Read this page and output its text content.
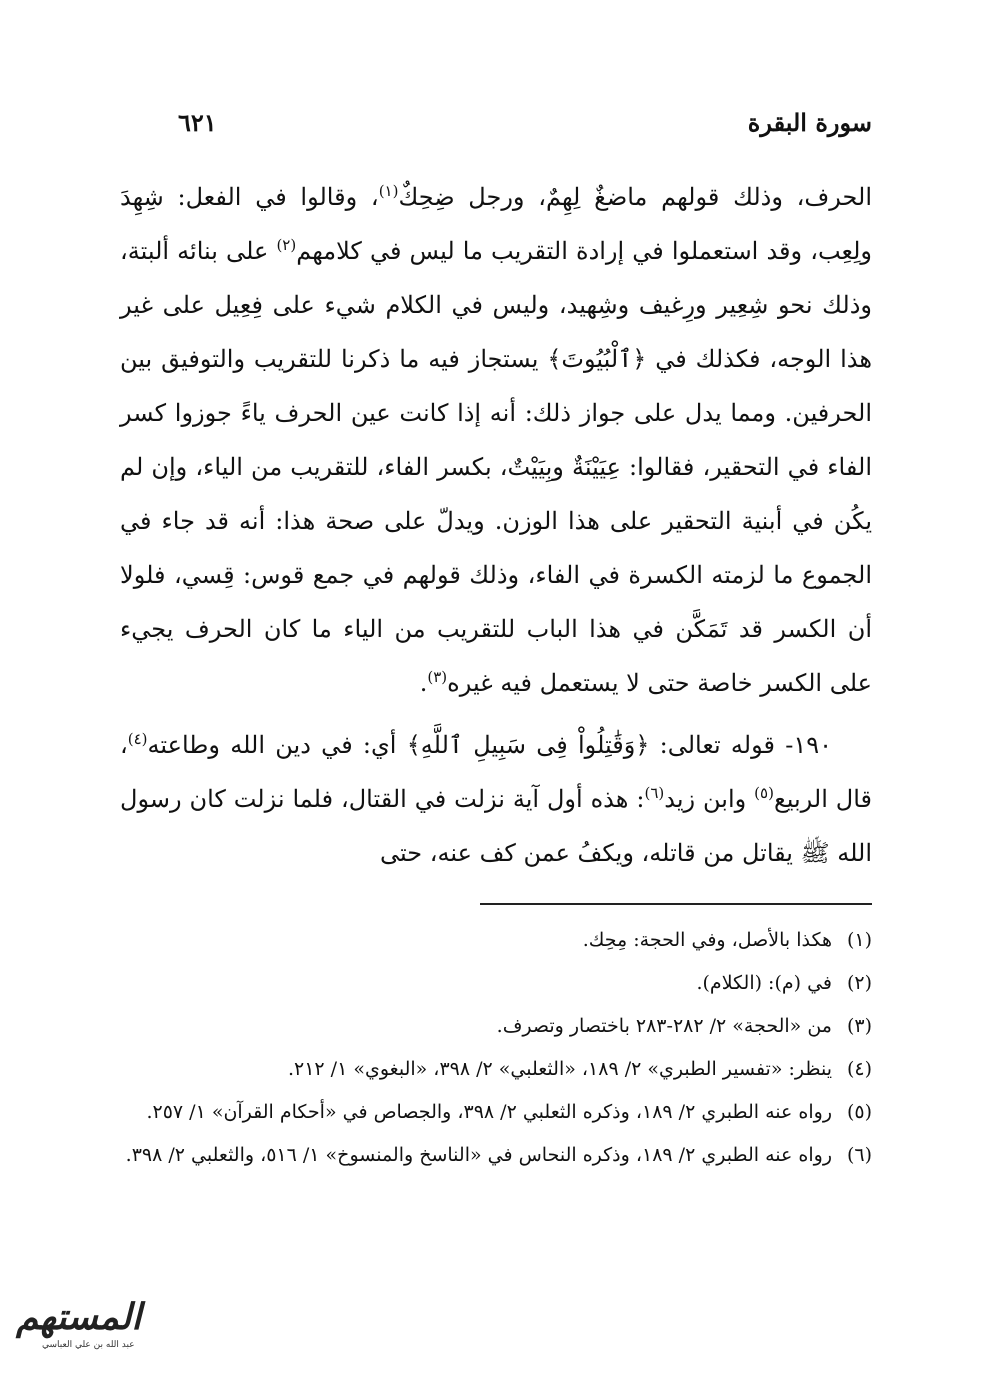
سورة البقرة
٦٢١

الحرف، وذلك قولهم ماضغٌ لِهِمٌ، ورجل ضِحِكٌ$^{(١)}$، وقالوا في الفعل: شِهِدَ ولِعِب، وقد استعملوا في إرادة التقريب ما ليس في كلامهم$^{(٢)}$ على بنائه ألبتة، وذلك نحو شِعِير ورِغيف وشِهيد، وليس في الكلام شيء على فِعِيل على غير هذا الوجه، فكذلك في ﴿ٱلْبُيُوتَ﴾ يستجاز فيه ما ذكرنا للتقريب والتوفيق بين الحرفين. ومما يدل على جواز ذلك: أنه إذا كانت عين الحرف ياءً جوزوا كسر الفاء في التحقير، فقالوا: عِيَيْنَةٌ وبِيَيْتٌ، بكسر الفاء، للتقريب من الياء، وإن لم يكُن في أبنية التحقير على هذا الوزن. ويدلّ على صحة هذا: أنه قد جاء في الجموع ما لزمته الكسرة في الفاء، وذلك قولهم في جمع قوس: قِسي، فلولا أن الكسر قد تَمَكَّن في هذا الباب للتقريب من الياء ما كان الحرف يجيء على الكسر خاصة حتى لا يستعمل فيه غيره$^{(٣)}$.

١٩٠- قوله تعالى: ﴿وَقَٰتِلُواْ فِى سَبِيلِ ٱللَّهِ﴾ أي: في دين الله وطاعته$^{(٤)}$، قال الربيع$^{(٥)}$ وابن زيد$^{(٦)}$: هذه أول آية نزلت في القتال، فلما نزلت كان رسول الله ﷺ يقاتل من قاتله، ويكفُ عمن كف عنه، حتى

(١)
هكذا بالأصل، وفي الحجة: مِحِك.
(٢)
في (م): (الكلام).
(٣)
من «الحجة» ٢/ ٢٨٢-٢٨٣ باختصار وتصرف.
(٤)
ينظر: «تفسير الطبري» ٢/ ١٨٩، «الثعلبي» ٢/ ٣٩٨، «البغوي» ١/ ٢١٢.
(٥)
رواه عنه الطبري ٢/ ١٨٩، وذكره الثعلبي ٢/ ٣٩٨، والجصاص في «أحكام القرآن» ١/ ٢٥٧.
(٦)
رواه عنه الطبري ٢/ ١٨٩، وذكره النحاس في «الناسخ والمنسوخ» ١/ ٥١٦، والثعلبي ٢/ ٣٩٨.
المستهم
عبد الله بن علي العباسي
